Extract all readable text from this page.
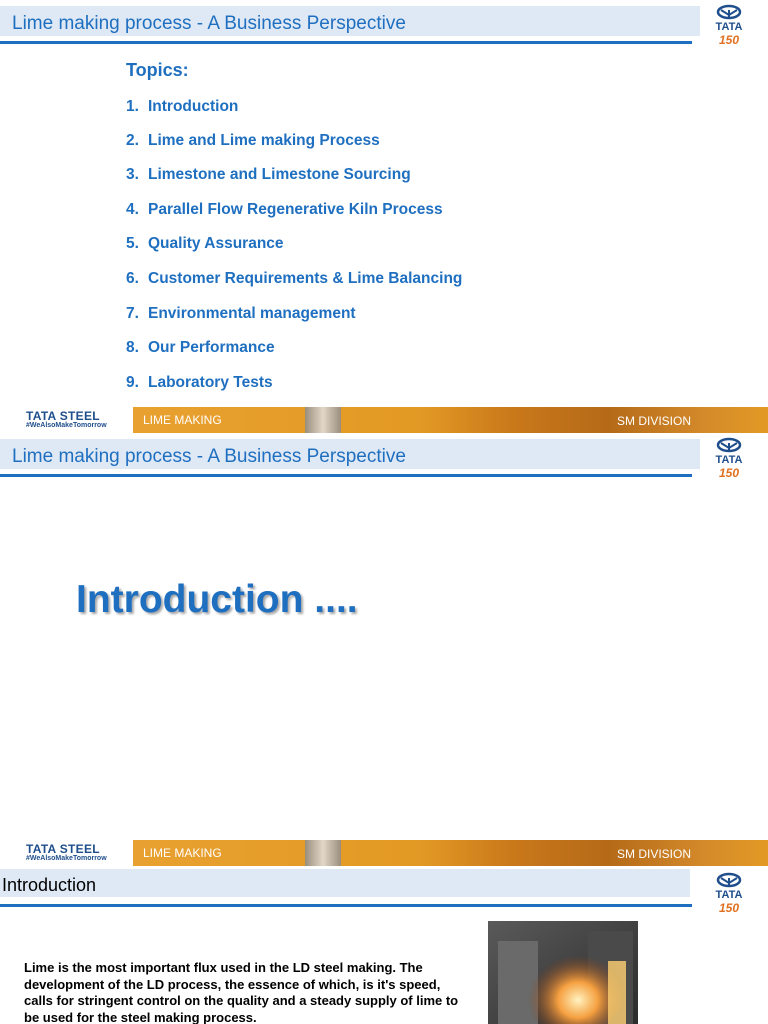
Lime making process - A Business Perspective	TATA
150
Topics:
1. Introduction
2. Lime and Lime making Process
3. Limestone and Limestone Sourcing
4. Parallel Flow Regenerative Kiln Process
5. Quality Assurance
6. Customer Requirements & Lime Balancing
7. Environmental management
8. Our Performance
9. Laboratory Tests
TATA STEEL
#WeAlsoMakeTomorrow	LIME MAKING	SM DIVISION
Lime making process - A Business Perspective	TATA
150
Introduction ....
TATA STEEL
#WeAlsoMakeTomorrow	LIME MAKING	SM DIVISION
Introduction	TATA
150
Lime is the most important flux used in the LD steel making. The development of the LD process, the essence of which, is it's speed, calls for stringent control on the quality and a steady supply of lime to be used for the steel making process.
